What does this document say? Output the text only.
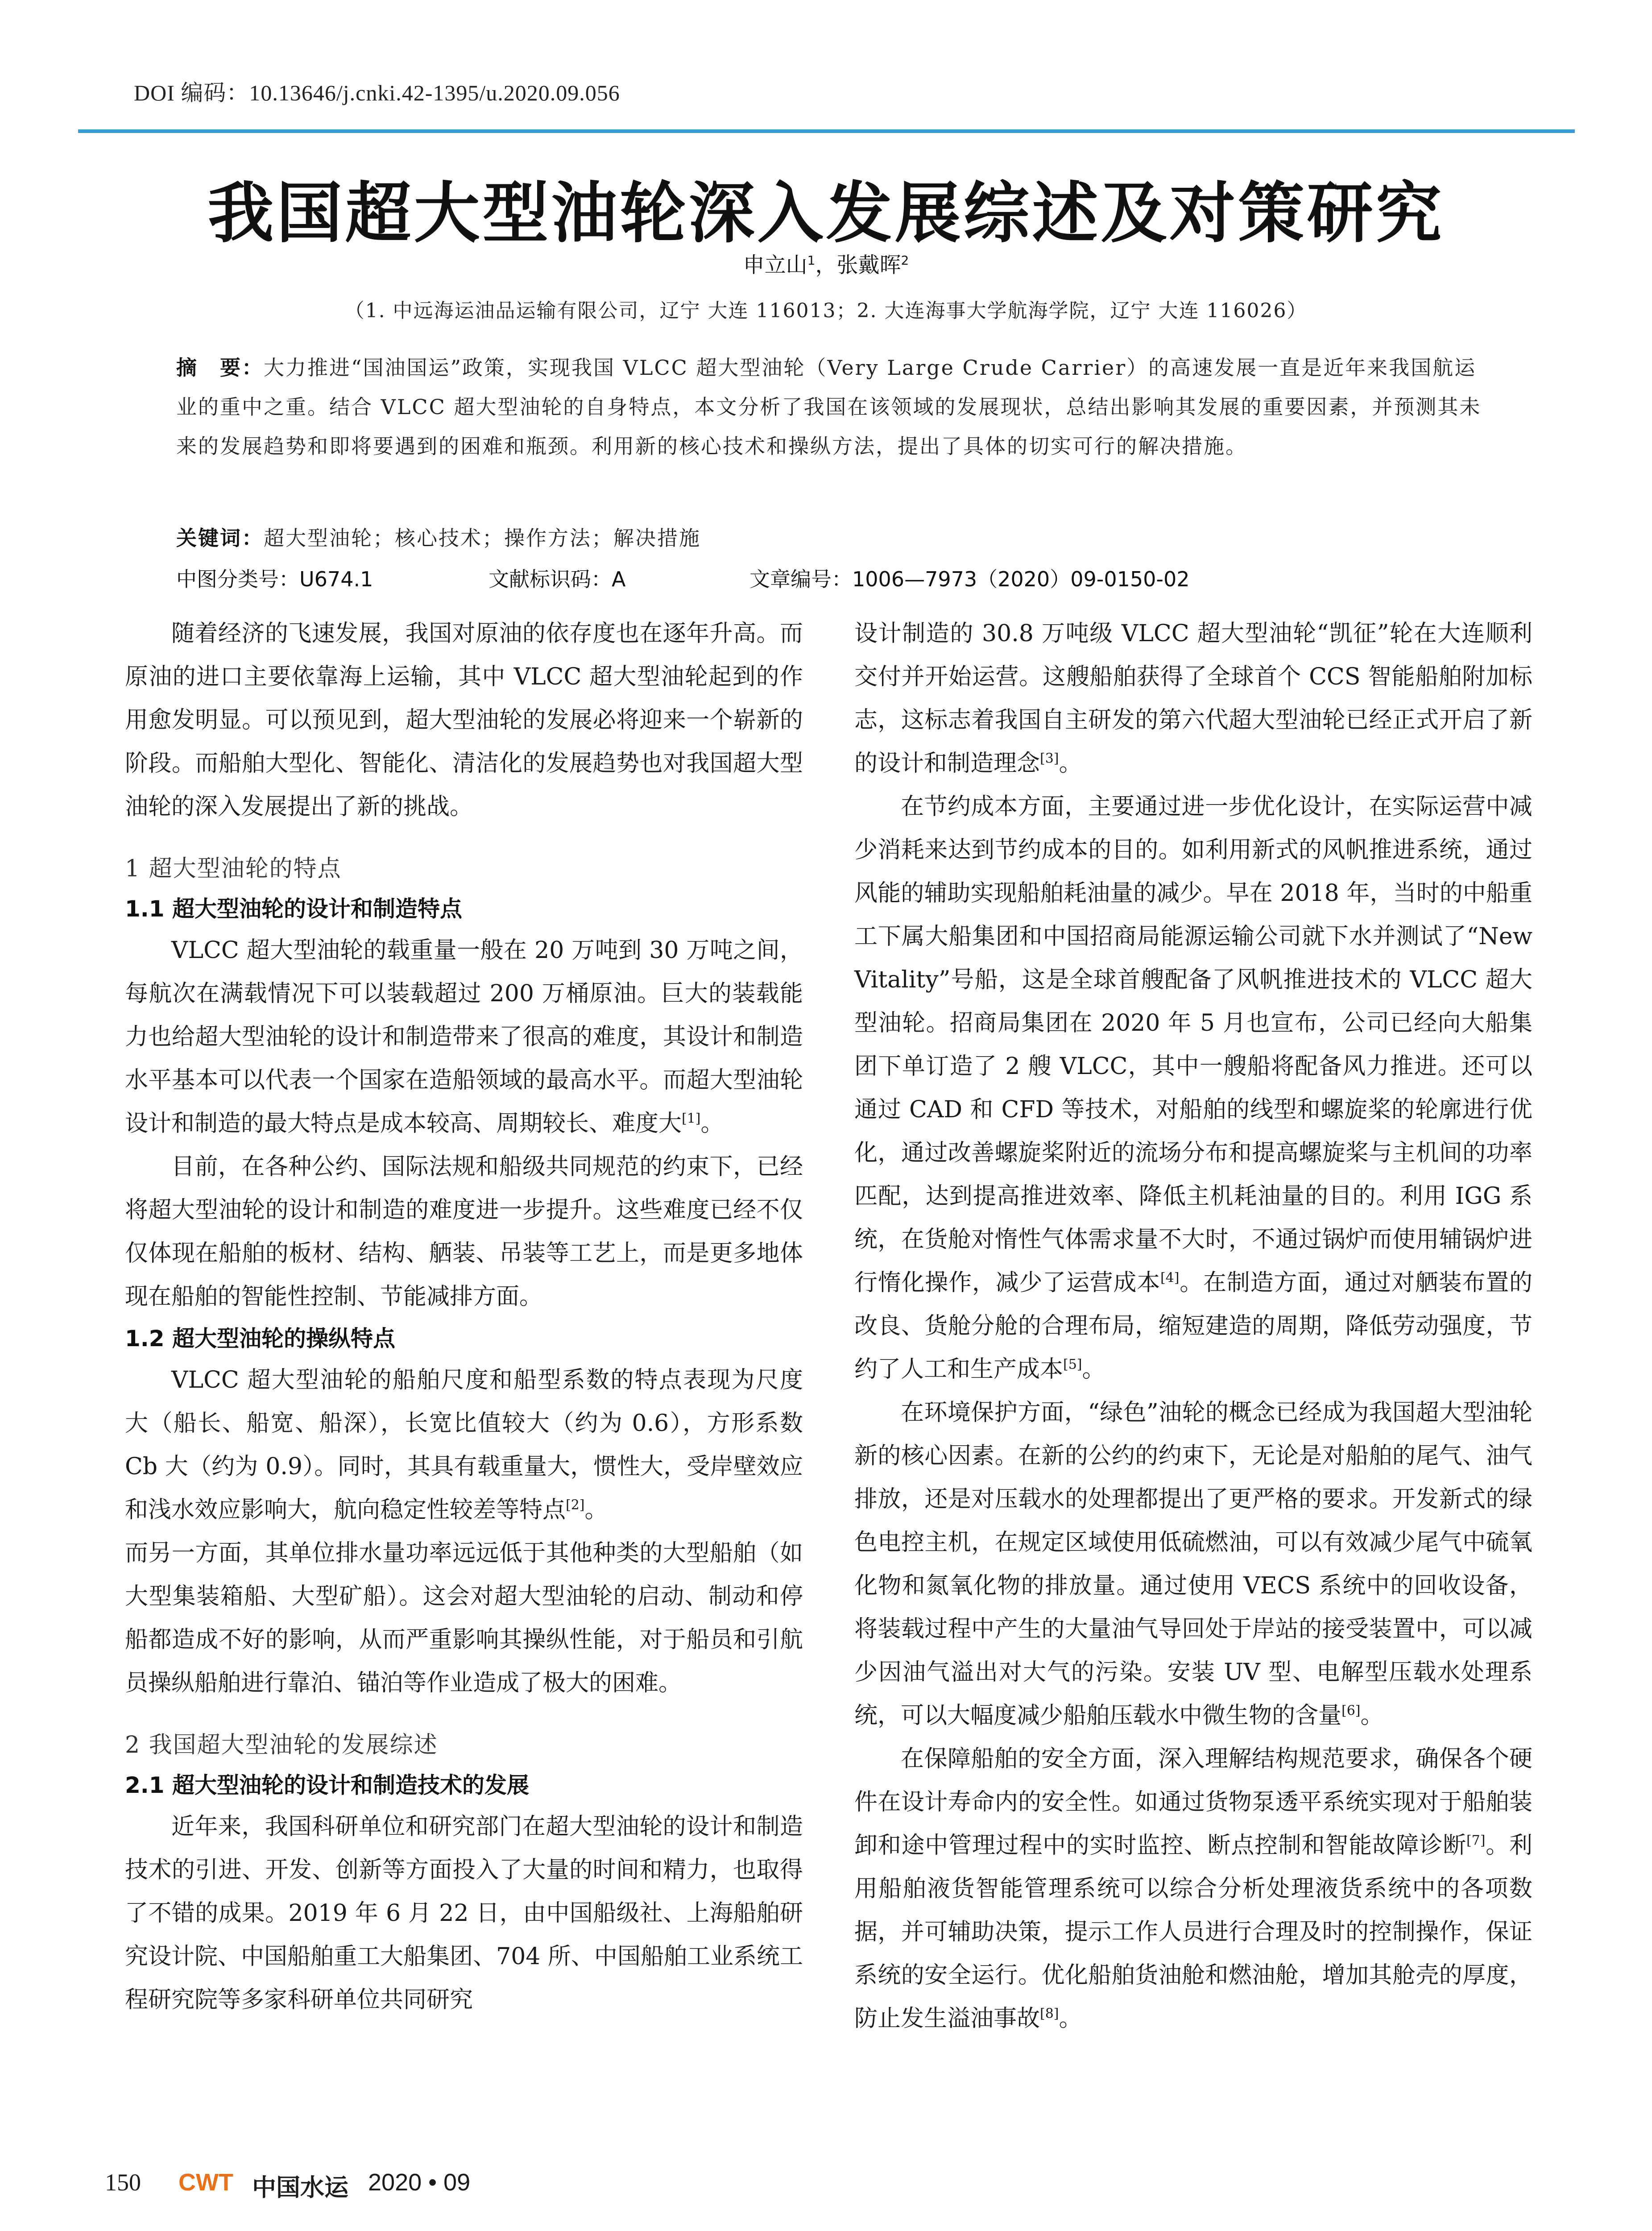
DOI 编码：10.13646/j.cnki.42-1395/u.2020.09.056
我国超大型油轮深入发展综述及对策研究
申立山$^1$，张戴晖$^2$
（1. 中远海运油品运输有限公司，辽宁 大连 116013；2. 大连海事大学航海学院，辽宁 大连 116026）
摘　要：大力推进“国油国运”政策，实现我国 VLCC 超大型油轮（Very Large Crude Carrier）的高速发展一直是近年来我国航运业的重中之重。结合 VLCC 超大型油轮的自身特点，本文分析了我国在该领域的发展现状，总结出影响其发展的重要因素，并预测其未来的发展趋势和即将要遇到的困难和瓶颈。利用新的核心技术和操纵方法，提出了具体的切实可行的解决措施。
关键词：超大型油轮；核心技术；操作方法；解决措施
中图分类号：U674.1	文献标识码：A	文章编号：1006—7973（2020）09-0150-02

随着经济的飞速发展，我国对原油的依存度也在逐年升高。而原油的进口主要依靠海上运输，其中 VLCC 超大型油轮起到的作用愈发明显。可以预见到，超大型油轮的发展必将迎来一个崭新的阶段。而船舶大型化、智能化、清洁化的发展趋势也对我国超大型油轮的深入发展提出了新的挑战。

1 超大型油轮的特点
1.1 超大型油轮的设计和制造特点

VLCC 超大型油轮的载重量一般在 20 万吨到 30 万吨之间，每航次在满载情况下可以装载超过 200 万桶原油。巨大的装载能力也给超大型油轮的设计和制造带来了很高的难度，其设计和制造水平基本可以代表一个国家在造船领域的最高水平。而超大型油轮设计和制造的最大特点是成本较高、周期较长、难度大[1]。

目前，在各种公约、国际法规和船级共同规范的约束下，已经将超大型油轮的设计和制造的难度进一步提升。这些难度已经不仅仅体现在船舶的板材、结构、舾装、吊装等工艺上，而是更多地体现在船舶的智能性控制、节能减排方面。

1.2 超大型油轮的操纵特点

VLCC 超大型油轮的船舶尺度和船型系数的特点表现为尺度大（船长、船宽、船深），长宽比值较大（约为 0.6），方形系数 Cb 大（约为 0.9）。同时，其具有载重量大，惯性大，受岸壁效应和浅水效应影响大，航向稳定性较差等特点[2]。

而另一方面，其单位排水量功率远远低于其他种类的大型船舶（如大型集装箱船、大型矿船）。这会对超大型油轮的启动、制动和停船都造成不好的影响，从而严重影响其操纵性能，对于船员和引航员操纵船舶进行靠泊、锚泊等作业造成了极大的困难。

2 我国超大型油轮的发展综述
2.1 超大型油轮的设计和制造技术的发展

近年来，我国科研单位和研究部门在超大型油轮的设计和制造技术的引进、开发、创新等方面投入了大量的时间和精力，也取得了不错的成果。2019 年 6 月 22 日，由中国船级社、上海船舶研究设计院、中国船舶重工大船集团、704 所、中国船舶工业系统工程研究院等多家科研单位共同研究

设计制造的 30.8 万吨级 VLCC 超大型油轮“凯征”轮在大连顺利交付并开始运营。这艘船舶获得了全球首个 CCS 智能船舶附加标志，这标志着我国自主研发的第六代超大型油轮已经正式开启了新的设计和制造理念[3]。

在节约成本方面，主要通过进一步优化设计，在实际运营中减少消耗来达到节约成本的目的。如利用新式的风帆推进系统，通过风能的辅助实现船舶耗油量的减少。早在 2018 年，当时的中船重工下属大船集团和中国招商局能源运输公司就下水并测试了“New Vitality”号船，这是全球首艘配备了风帆推进技术的 VLCC 超大型油轮。招商局集团在 2020 年 5 月也宣布，公司已经向大船集团下单订造了 2 艘 VLCC，其中一艘船将配备风力推进。还可以通过 CAD 和 CFD 等技术，对船舶的线型和螺旋桨的轮廓进行优化，通过改善螺旋桨附近的流场分布和提高螺旋桨与主机间的功率匹配，达到提高推进效率、降低主机耗油量的目的。利用 IGG 系统，在货舱对惰性气体需求量不大时，不通过锅炉而使用辅锅炉进行惰化操作，减少了运营成本[4]。在制造方面，通过对舾装布置的改良、货舱分舱的合理布局，缩短建造的周期，降低劳动强度，节约了人工和生产成本[5]。

在环境保护方面，“绿色”油轮的概念已经成为我国超大型油轮新的核心因素。在新的公约的约束下，无论是对船舶的尾气、油气排放，还是对压载水的处理都提出了更严格的要求。开发新式的绿色电控主机，在规定区域使用低硫燃油，可以有效减少尾气中硫氧化物和氮氧化物的排放量。通过使用 VECS 系统中的回收设备，将装载过程中产生的大量油气导回处于岸站的接受装置中，可以减少因油气溢出对大气的污染。安装 UV 型、电解型压载水处理系统，可以大幅度减少船舶压载水中微生物的含量[6]。

在保障船舶的安全方面，深入理解结构规范要求，确保各个硬件在设计寿命内的安全性。如通过货物泵透平系统实现对于船舶装卸和途中管理过程中的实时监控、断点控制和智能故障诊断[7]。利用船舶液货智能管理系统可以综合分析处理液货系统中的各项数据，并可辅助决策，提示工作人员进行合理及时的控制操作，保证系统的安全运行。优化船舶货油舱和燃油舱，增加其舱壳的厚度，防止发生溢油事故[8]。

150 CWT 中国水运 2020 • 09
